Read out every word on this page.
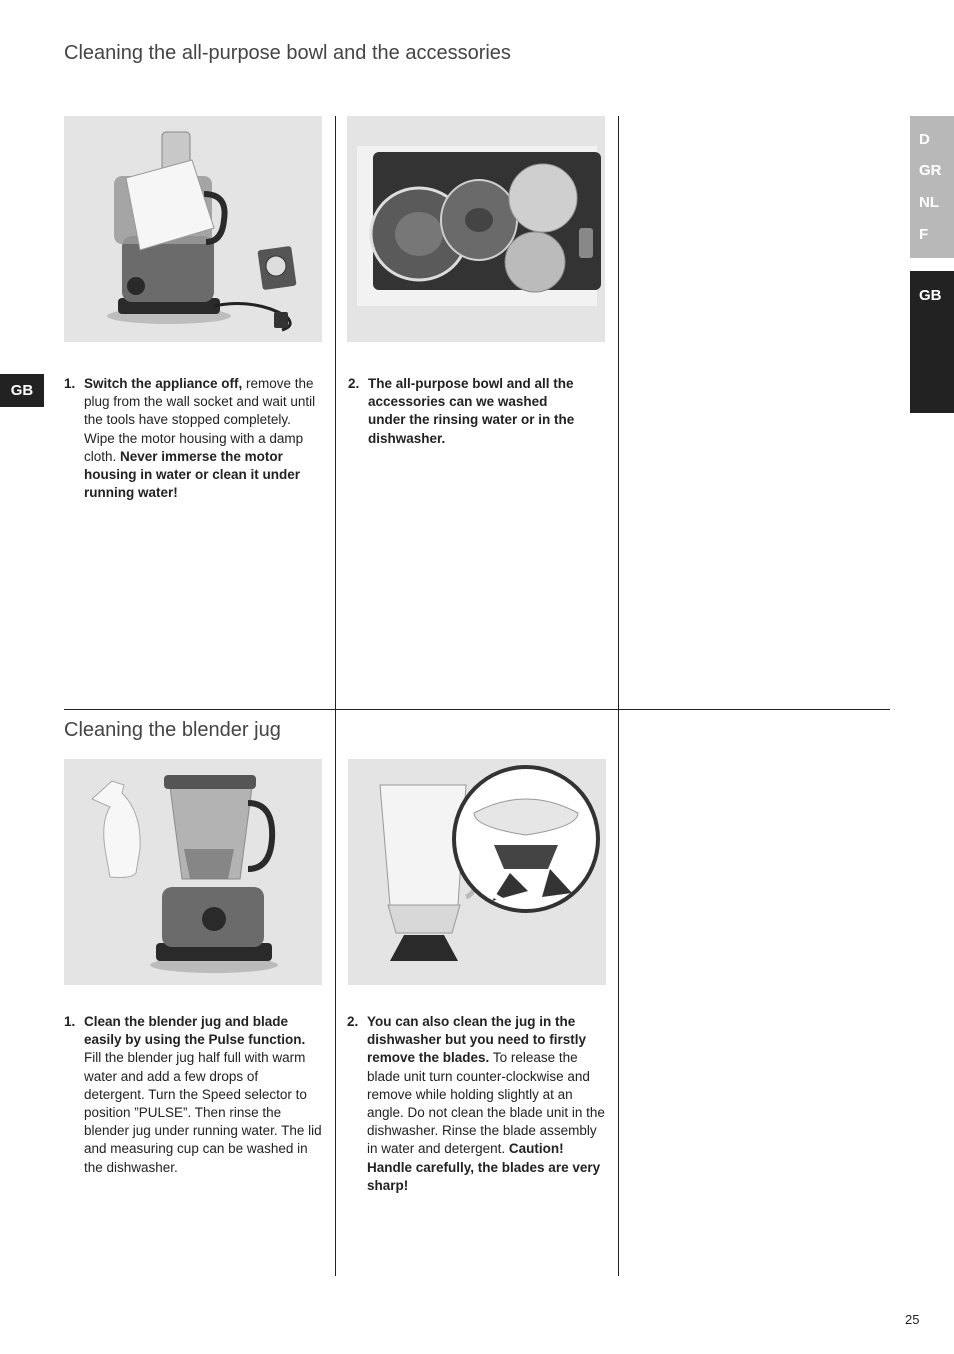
Cleaning the all-purpose bowl and the accessories
Cleaning the blender jug
1. Switch the appliance off, remove the plug from the wall socket and wait until the tools have stopped completely. Wipe the motor housing with a damp cloth. Never immerse the motor housing in water or clean it under running water!
2. The all-purpose bowl and all the accessories can we washed under the rinsing water or in the dishwasher.
1. Clean the blender jug and blade easily by using the Pulse function. Fill the blender jug half full with warm water and add a few drops of detergent. Turn the Speed selector to position ”PULSE”. Then rinse the blender jug under running water. The lid and measuring cup can be washed in the dishwasher.
2. You can also clean the jug in the dishwasher but you need to firstly remove the blades. To release the blade unit turn counter-clockwise and remove while holding slightly at an angle. Do not clean the blade unit in the dishwasher. Rinse the blade assembly in water and detergent. Caution! Handle carefully, the blades are very sharp!
GB
D
GR
NL
F
GB
25
